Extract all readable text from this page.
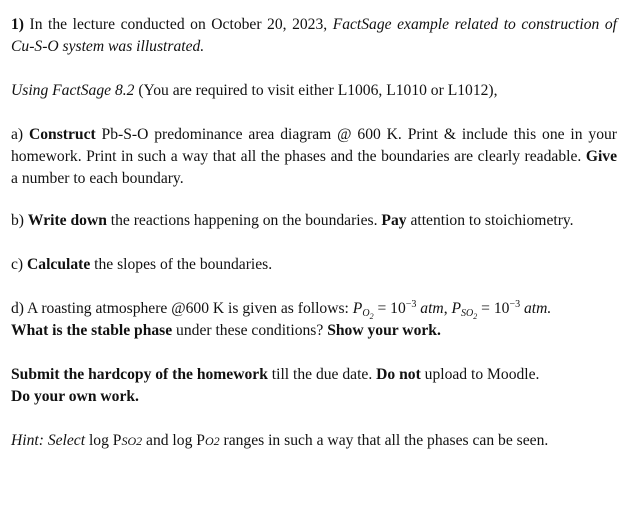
1) In the lecture conducted on October 20, 2023, FactSage example related to construction of Cu-S-O system was illustrated.

Using FactSage 8.2 (You are required to visit either L1006, L1010 or L1012),

a) Construct Pb-S-O predominance area diagram @ 600 K. Print & include this one in your homework. Print in such a way that all the phases and the boundaries are clearly readable. Give a number to each boundary.

b) Write down the reactions happening on the boundaries. Pay attention to stoichiometry.

c) Calculate the slopes of the boundaries.

d) A roasting atmosphere @600 K is given as follows: $P_{O_2} = 10^{-3}$ atm, $P_{SO_2} = 10^{-3}$ atm.
What is the stable phase under these conditions? Show your work.

Submit the hardcopy of the homework till the due date. Do not upload to Moodle.
Do your own work.

Hint: Select log PSO2 and log PO2 ranges in such a way that all the phases can be seen.
